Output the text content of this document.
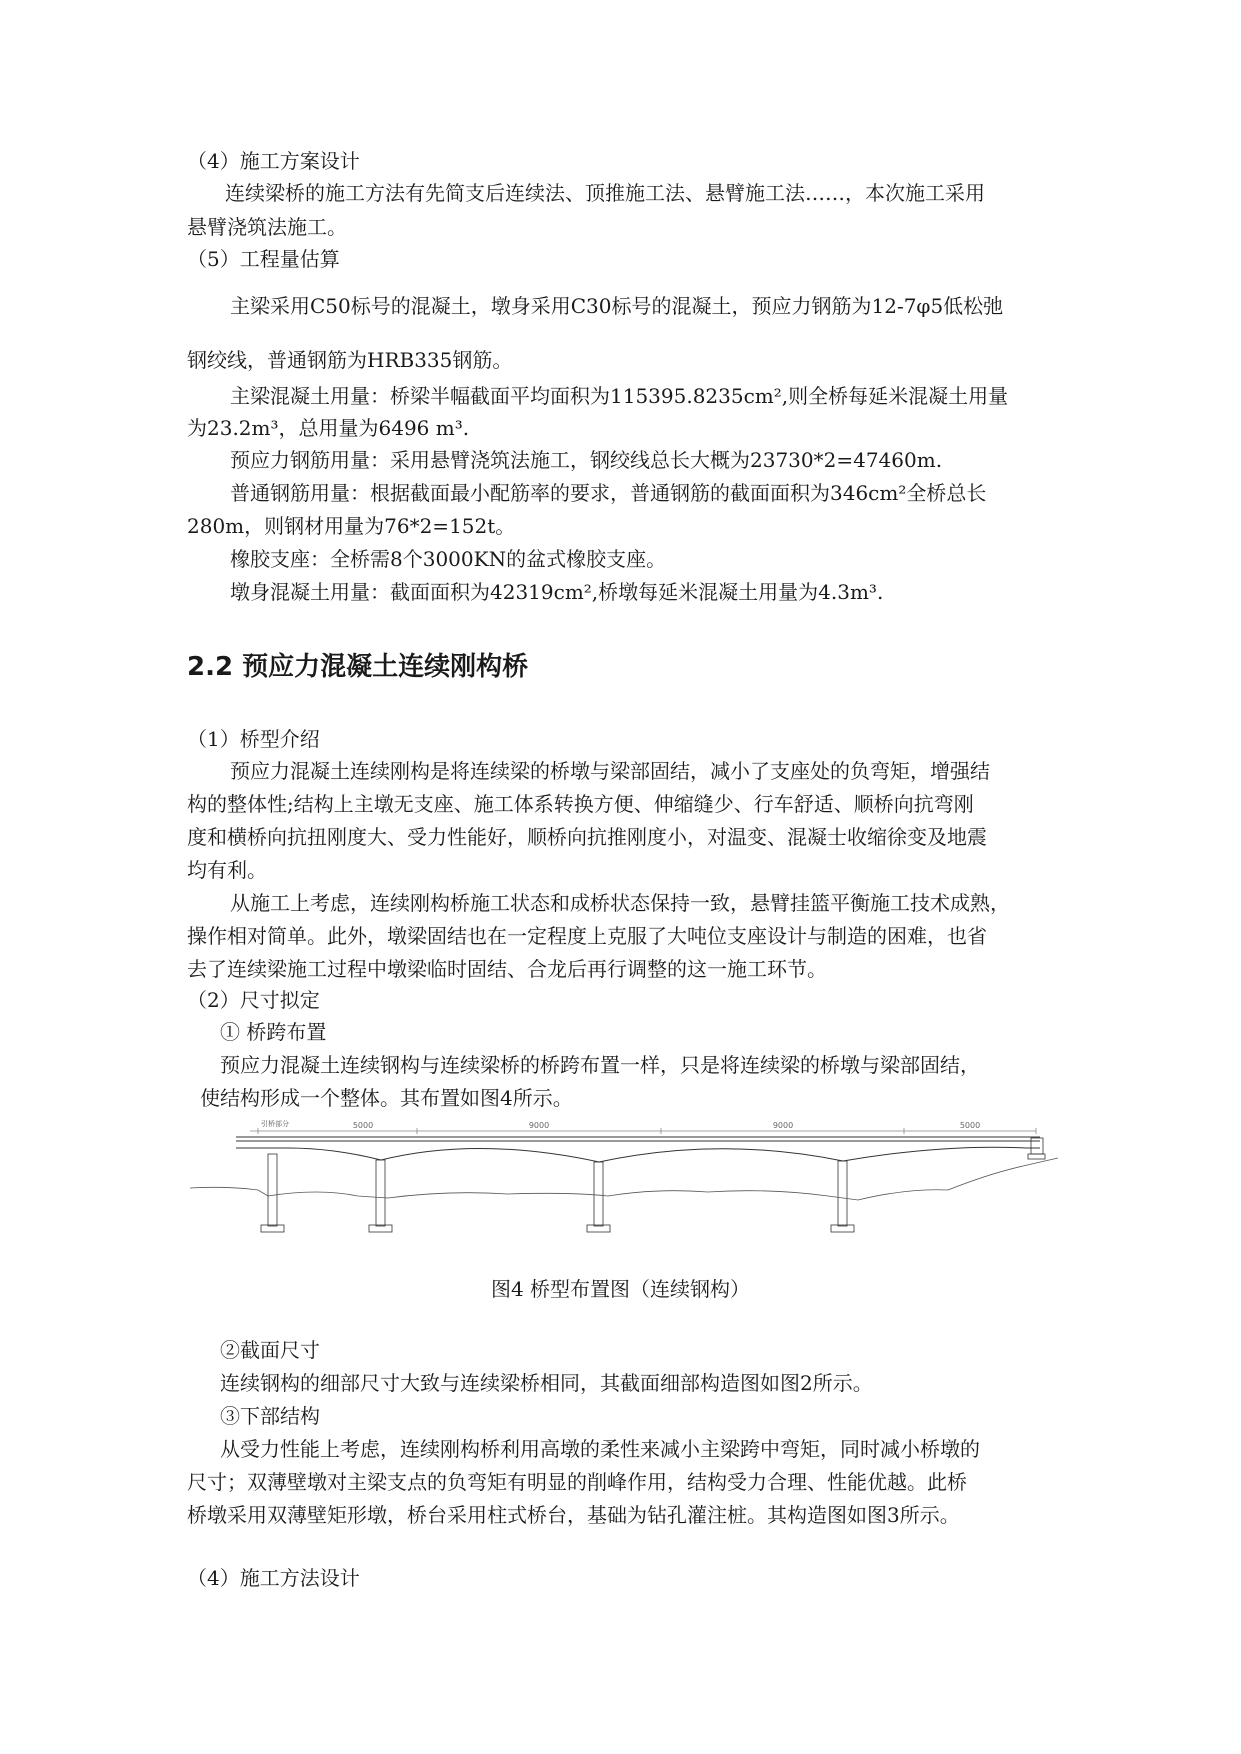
（4）施工方案设计
连续梁桥的施工方法有先简支后连续法、顶推施工法、悬臂施工法……，本次施工采用
悬臂浇筑法施工。
（5）工程量估算
主梁采用C50标号的混凝土，墩身采用C30标号的混凝土，预应力钢筋为12-7φ5低松弛
钢绞线，普通钢筋为HRB335钢筋。
主梁混凝土用量：桥梁半幅截面平均面积为115395.8235cm²,则全桥每延米混凝土用量
为23.2m³，总用量为6496 m³.
预应力钢筋用量：采用悬臂浇筑法施工，钢绞线总长大概为23730*2=47460m.
普通钢筋用量：根据截面最小配筋率的要求，普通钢筋的截面面积为346cm²全桥总长
280m，则钢材用量为76*2=152t。
橡胶支座：全桥需8个3000KN的盆式橡胶支座。
墩身混凝土用量：截面面积为42319cm²,桥墩每延米混凝土用量为4.3m³.
2.2 预应力混凝土连续刚构桥
（1）桥型介绍
预应力混凝土连续刚构是将连续梁的桥墩与梁部固结，减小了支座处的负弯矩，增强结
构的整体性;结构上主墩无支座、施工体系转换方便、伸缩缝少、行车舒适、顺桥向抗弯刚
度和横桥向抗扭刚度大、受力性能好，顺桥向抗推刚度小，对温变、混凝士收缩徐变及地震
均有利。
从施工上考虑，连续刚构桥施工状态和成桥状态保持一致，悬臂挂篮平衡施工技术成熟，
操作相对简单。此外，墩梁固结也在一定程度上克服了大吨位支座设计与制造的困难，也省
去了连续梁施工过程中墩梁临时固结、合龙后再行调整的这一施工环节。
（2）尺寸拟定
① 桥跨布置
预应力混凝土连续钢构与连续梁桥的桥跨布置一样，只是将连续梁的桥墩与梁部固结，
使结构形成一个整体。其布置如图4所示。
引桥部分	5000	9000	9000	5000
图4 桥型布置图（连续钢构）
②截面尺寸
连续钢构的细部尺寸大致与连续梁桥相同，其截面细部构造图如图2所示。
③下部结构
从受力性能上考虑，连续刚构桥利用高墩的柔性来减小主梁跨中弯矩，同时减小桥墩的
尺寸；双薄壁墩对主梁支点的负弯矩有明显的削峰作用，结构受力合理、性能优越。此桥
桥墩采用双薄壁矩形墩，桥台采用柱式桥台，基础为钻孔灌注桩。其构造图如图3所示。
（4）施工方法设计
